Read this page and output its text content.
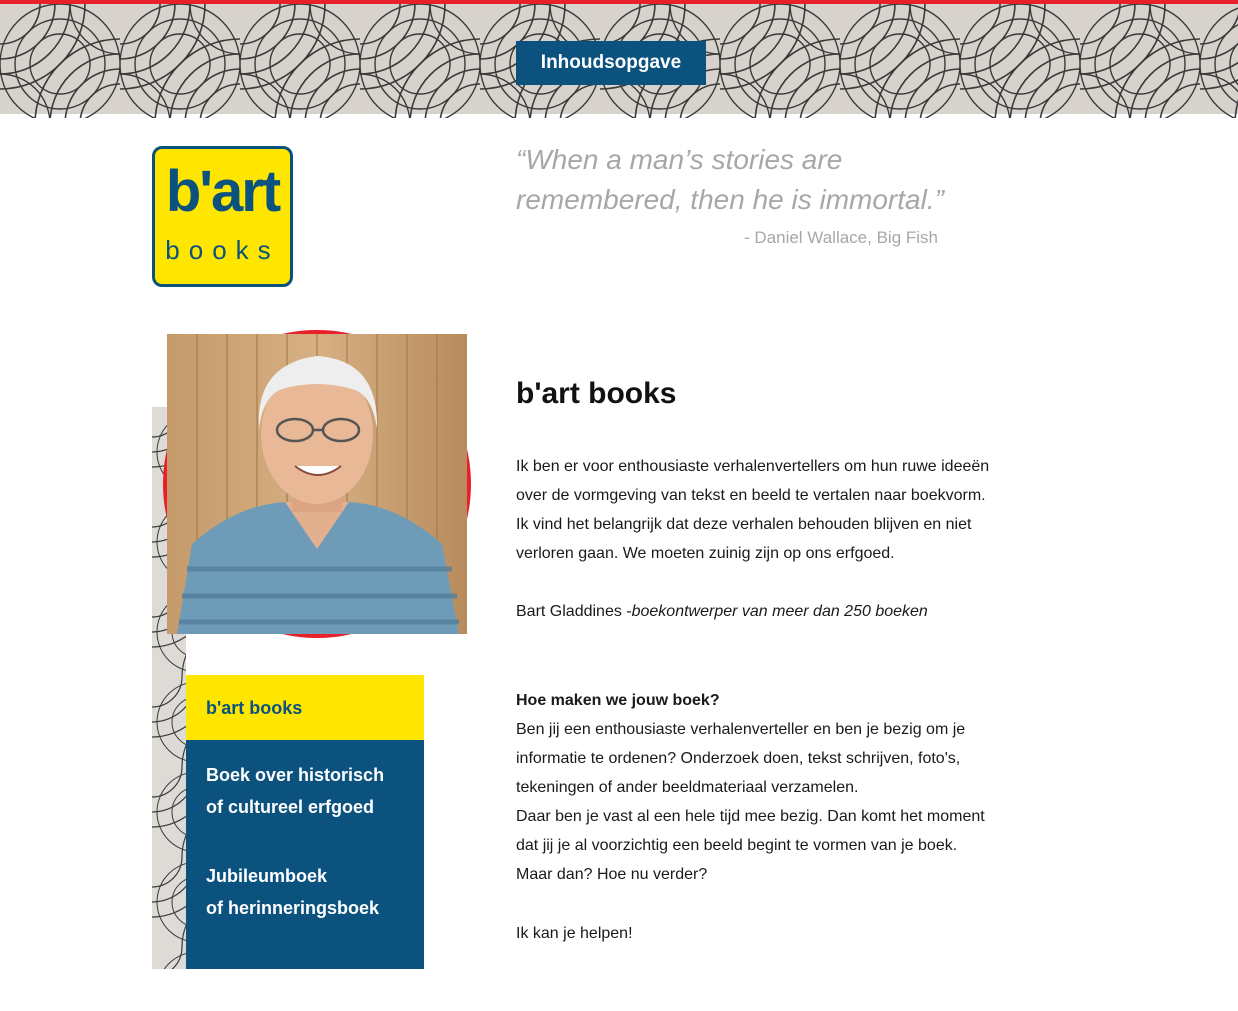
Inhoudsopgave
b'art
books
“When a man’s stories are
remembered, then he is immortal.”
- Daniel Wallace, Big Fish
b'art books
Boek over historisch
of cultureel erfgoed
Jubileumboek
of herinneringsboek
Kunstboek
b'art books

Ik ben er voor enthousiaste verhalenvertellers om hun ruwe ideeën
over de vormgeving van tekst en beeld te vertalen naar boekvorm.
Ik vind het belangrijk dat deze verhalen behouden blijven en niet
verloren gaan. We moeten zuinig zijn op ons erfgoed.

Bart Gladdines -boekontwerper van meer dan 250 boeken

Hoe maken we jouw boek?

Ben jij een enthousiaste verhalenverteller en ben je bezig om je
informatie te ordenen? Onderzoek doen, tekst schrijven, foto's,
tekeningen of ander beeldmateriaal verzamelen.
Daar ben je vast al een hele tijd mee bezig. Dan komt het moment
dat jij je al voorzichtig een beeld begint te vormen van je boek.
Maar dan? Hoe nu verder?

Ik kan je helpen!
